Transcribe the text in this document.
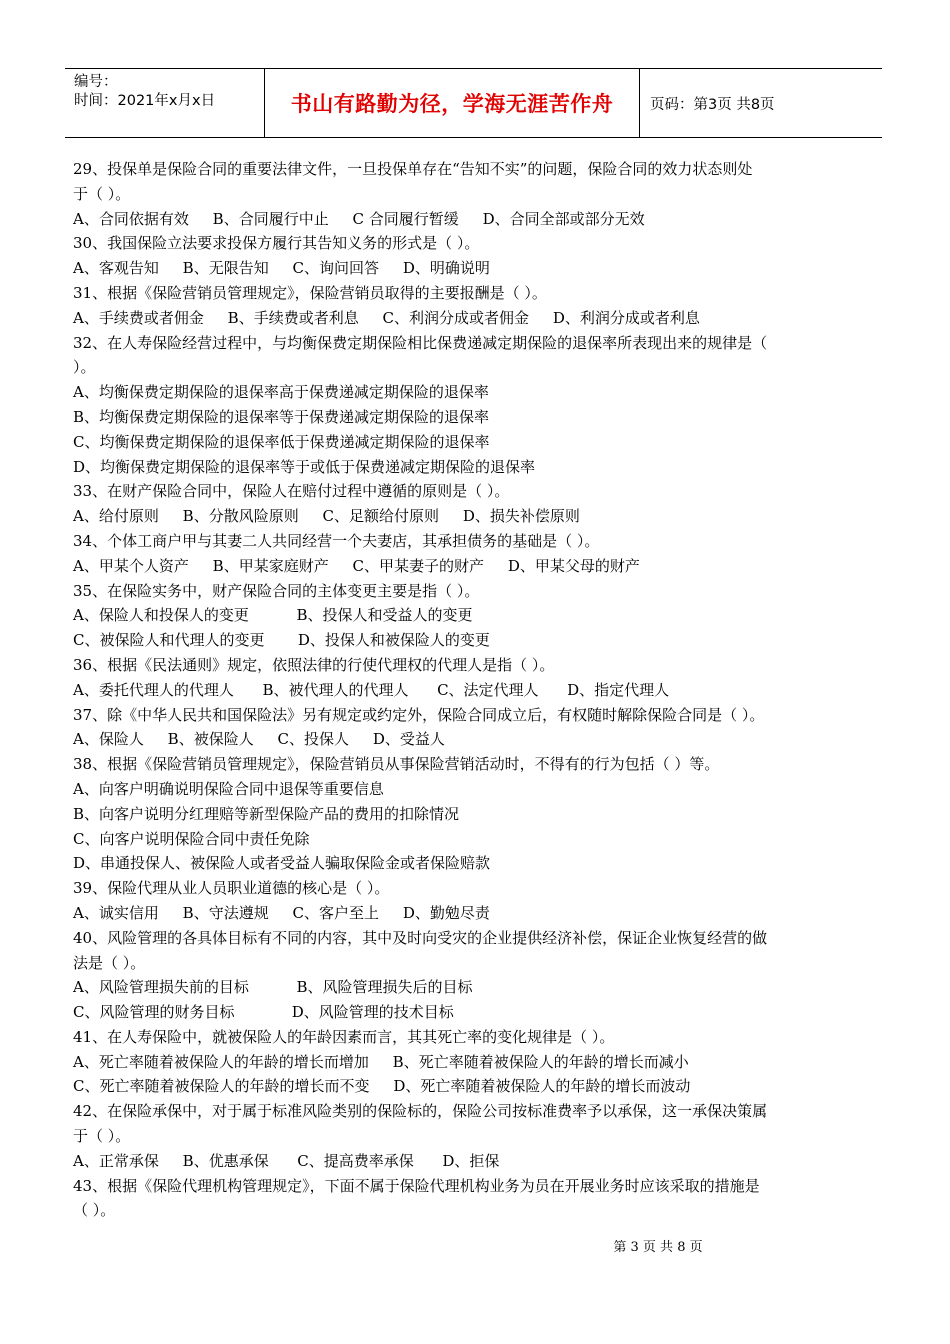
编号：
时间：2021年x月x日	书山有路勤为径，学海无涯苦作舟	页码：第3页 共8页
29、投保单是保险合同的重要法律文件，一旦投保单存在“告知不实”的问题，保险合同的效力状态则处
于（ ）。
A、合同依据有效     B、合同履行中止     C 合同履行暂缓     D、合同全部或部分无效
30、我国保险立法要求投保方履行其告知义务的形式是（ ）。
A、客观告知     B、无限告知     C、询问回答     D、明确说明
31、根据《保险营销员管理规定》，保险营销员取得的主要报酬是（ ）。
A、手续费或者佣金     B、手续费或者利息     C、利润分成或者佣金     D、利润分成或者利息
32、在人寿保险经营过程中，与均衡保费定期保险相比保费递减定期保险的退保率所表现出来的规律是（
）。
A、均衡保费定期保险的退保率高于保费递减定期保险的退保率
B、均衡保费定期保险的退保率等于保费递减定期保险的退保率
C、均衡保费定期保险的退保率低于保费递减定期保险的退保率
D、均衡保费定期保险的退保率等于或低于保费递减定期保险的退保率
33、在财产保险合同中，保险人在赔付过程中遵循的原则是（ ）。
A、给付原则     B、分散风险原则     C、足额给付原则     D、损失补偿原则
34、个体工商户甲与其妻二人共同经营一个夫妻店，其承担债务的基础是（ ）。
A、甲某个人资产     B、甲某家庭财产     C、甲某妻子的财产     D、甲某父母的财产
35、在保险实务中，财产保险合同的主体变更主要是指（ ）。
A、保险人和投保人的变更          B、投保人和受益人的变更
C、被保险人和代理人的变更       D、投保人和被保险人的变更
36、根据《民法通则》规定，依照法律的行使代理权的代理人是指（ ）。
A、委托代理人的代理人      B、被代理人的代理人      C、法定代理人      D、指定代理人
37、除《中华人民共和国保险法》另有规定或约定外，保险合同成立后，有权随时解除保险合同是（ ）。
A、保险人     B、被保险人     C、投保人     D、受益人
38、根据《保险营销员管理规定》，保险营销员从事保险营销活动时，不得有的行为包括（ ）等。
A、向客户明确说明保险合同中退保等重要信息
B、向客户说明分红理赔等新型保险产品的费用的扣除情况
C、向客户说明保险合同中责任免除
D、串通投保人、被保险人或者受益人骗取保险金或者保险赔款
39、保险代理从业人员职业道德的核心是（ ）。
A、诚实信用     B、守法遵规     C、客户至上     D、勤勉尽责
40、风险管理的各具体目标有不同的内容，其中及时向受灾的企业提供经济补偿，保证企业恢复经营的做
法是（ ）。
A、风险管理损失前的目标          B、风险管理损失后的目标
C、风险管理的财务目标            D、风险管理的技术目标
41、在人寿保险中，就被保险人的年龄因素而言，其其死亡率的变化规律是（ ）。
A、死亡率随着被保险人的年龄的增长而增加     B、死亡率随着被保险人的年龄的增长而减小
C、死亡率随着被保险人的年龄的增长而不变     D、死亡率随着被保险人的年龄的增长而波动
42、在保险承保中，对于属于标准风险类别的保险标的，保险公司按标准费率予以承保，这一承保决策属
于（ ）。
A、正常承保     B、优惠承保      C、提高费率承保      D、拒保
43、根据《保险代理机构管理规定》，下面不属于保险代理机构业务为员在开展业务时应该采取的措施是
（ ）。
第 3 页 共 8 页
